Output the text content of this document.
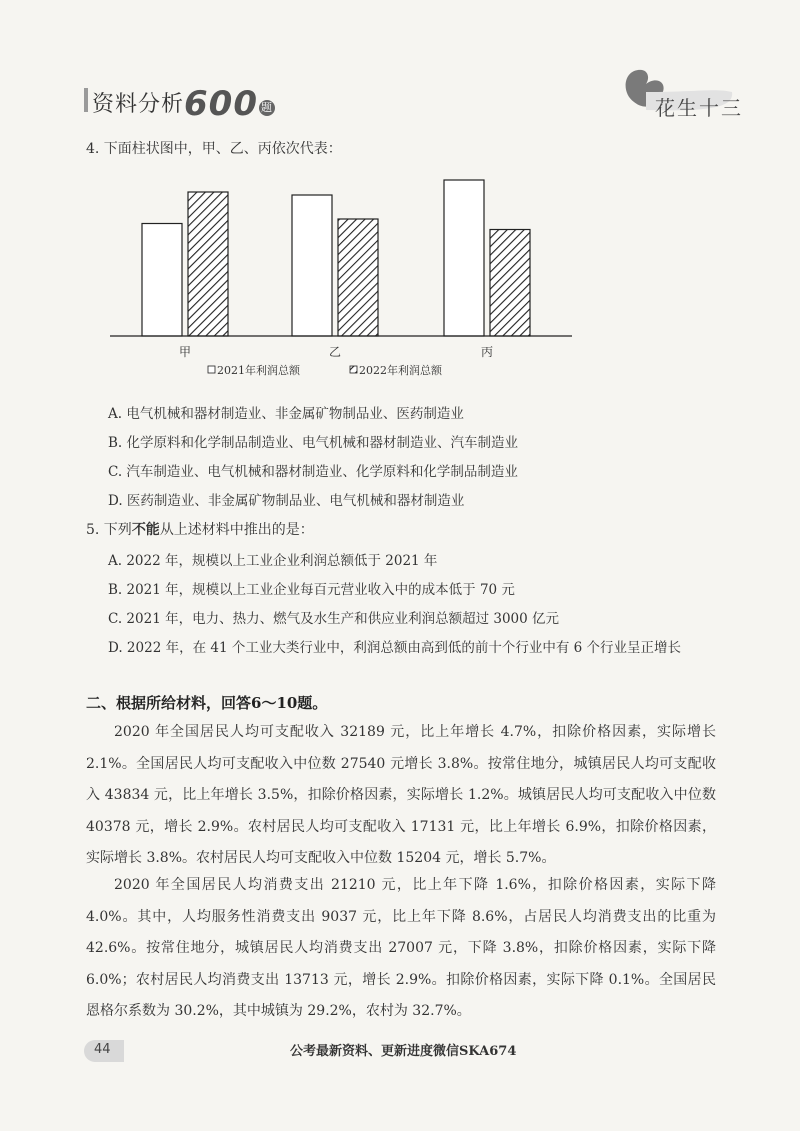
资料分析600 题	花生十三
4. 下面柱状图中，甲、乙、丙依次代表：
甲	乙	丙
2021年利润总额	2022年利润总额
A. 电气机械和器材制造业、非金属矿物制品业、医药制造业
B. 化学原料和化学制品制造业、电气机械和器材制造业、汽车制造业
C. 汽车制造业、电气机械和器材制造业、化学原料和化学制品制造业
D. 医药制造业、非金属矿物制品业、电气机械和器材制造业
5. 下列不能从上述材料中推出的是：
A. 2022 年，规模以上工业企业利润总额低于 2021 年
B. 2021 年，规模以上工业企业每百元营业收入中的成本低于 70 元
C. 2021 年，电力、热力、燃气及水生产和供应业利润总额超过 3000 亿元
D. 2022 年，在 41 个工业大类行业中，利润总额由高到低的前十个行业中有 6 个行业呈正增长
二、根据所给材料，回答6～10题。

2020 年全国居民人均可支配收入 32189 元，比上年增长 4.7%，扣除价格因素，实际增长 2.1%。全国居民人均可支配收入中位数 27540 元增长 3.8%。按常住地分，城镇居民人均可支配收入 43834 元，比上年增长 3.5%，扣除价格因素，实际增长 1.2%。城镇居民人均可支配收入中位数 40378 元，增长 2.9%。农村居民人均可支配收入 17131 元，比上年增长 6.9%，扣除价格因素，实际增长 3.8%。农村居民人均可支配收入中位数 15204 元，增长 5.7%。

2020 年全国居民人均消费支出 21210 元，比上年下降 1.6%，扣除价格因素，实际下降 4.0%。其中，人均服务性消费支出 9037 元，比上年下降 8.6%，占居民人均消费支出的比重为 42.6%。按常住地分，城镇居民人均消费支出 27007 元，下降 3.8%，扣除价格因素，实际下降 6.0%；农村居民人均消费支出 13713 元，增长 2.9%。扣除价格因素，实际下降 0.1%。全国居民恩格尔系数为 30.2%，其中城镇为 29.2%，农村为 32.7%。

44	公考最新资料、更新进度微信SKA674
